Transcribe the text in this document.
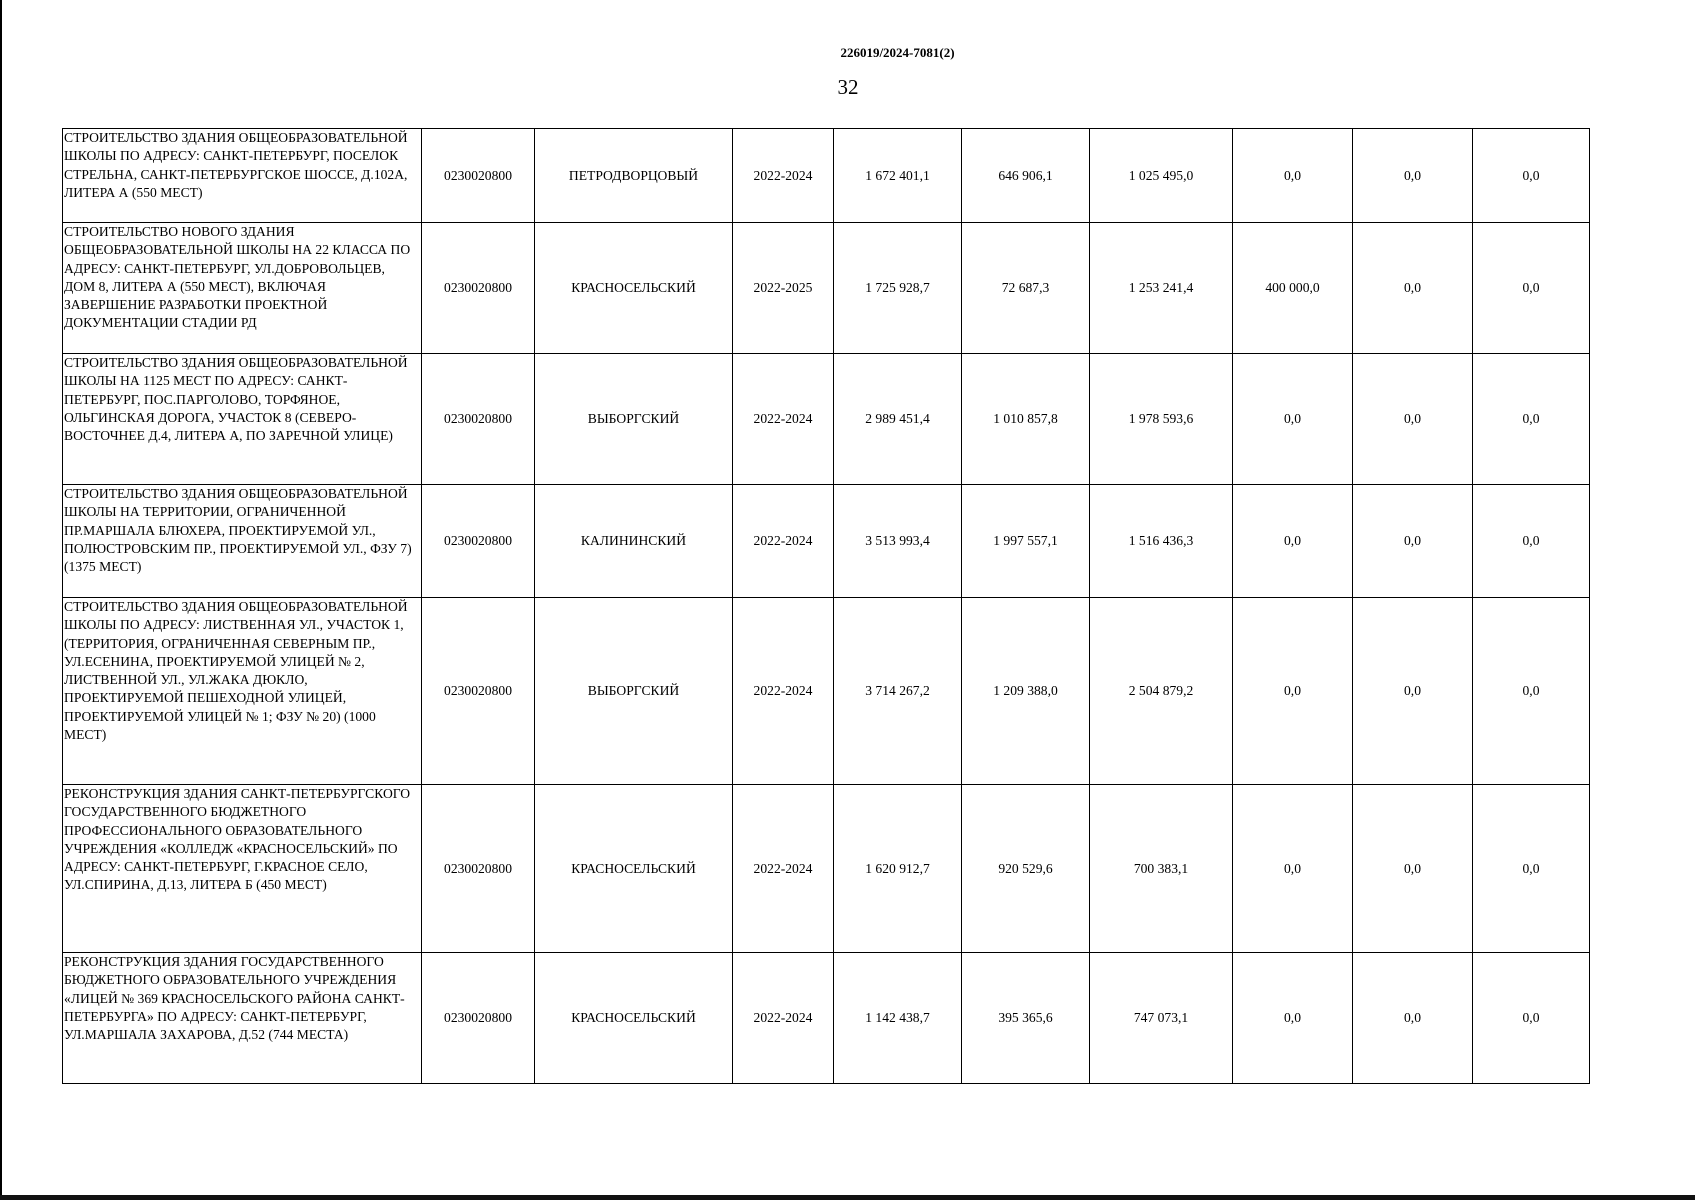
226019/2024-7081(2)
32
СТРОИТЕЛЬСТВО ЗДАНИЯ ОБЩЕОБРАЗОВАТЕЛЬНОЙ ШКОЛЫ ПО АДРЕСУ: САНКТ-ПЕТЕРБУРГ, ПОСЕЛОК СТРЕЛЬНА, САНКТ-ПЕТЕРБУРГСКОЕ ШОССЕ, Д.102А, ЛИТЕРА А (550 МЕСТ)	0230020800	ПЕТРОДВОРЦОВЫЙ	2022-2024	1 672 401,1	646 906,1	1 025 495,0	0,0	0,0	0,0
СТРОИТЕЛЬСТВО НОВОГО ЗДАНИЯ ОБЩЕОБРАЗОВАТЕЛЬНОЙ ШКОЛЫ НА 22 КЛАССА ПО АДРЕСУ: САНКТ-ПЕТЕРБУРГ, УЛ.ДОБРОВОЛЬЦЕВ, ДОМ 8, ЛИТЕРА А (550 МЕСТ), ВКЛЮЧАЯ ЗАВЕРШЕНИЕ РАЗРАБОТКИ ПРОЕКТНОЙ ДОКУМЕНТАЦИИ СТАДИИ РД	0230020800	КРАСНОСЕЛЬСКИЙ	2022-2025	1 725 928,7	72 687,3	1 253 241,4	400 000,0	0,0	0,0
СТРОИТЕЛЬСТВО ЗДАНИЯ ОБЩЕОБРАЗОВАТЕЛЬНОЙ ШКОЛЫ НА 1125 МЕСТ ПО АДРЕСУ: САНКТ-ПЕТЕРБУРГ, ПОС.ПАРГОЛОВО, ТОРФЯНОЕ, ОЛЬГИНСКАЯ ДОРОГА, УЧАСТОК 8 (СЕВЕРО-ВОСТОЧНЕЕ Д.4, ЛИТЕРА А, ПО ЗАРЕЧНОЙ УЛИЦЕ)	0230020800	ВЫБОРГСКИЙ	2022-2024	2 989 451,4	1 010 857,8	1 978 593,6	0,0	0,0	0,0
СТРОИТЕЛЬСТВО ЗДАНИЯ ОБЩЕОБРАЗОВАТЕЛЬНОЙ ШКОЛЫ НА ТЕРРИТОРИИ, ОГРАНИЧЕННОЙ ПР.МАРШАЛА БЛЮХЕРА, ПРОЕКТИРУЕМОЙ УЛ., ПОЛЮСТРОВСКИМ ПР., ПРОЕКТИРУЕМОЙ УЛ., ФЗУ 7) (1375 МЕСТ)	0230020800	КАЛИНИНСКИЙ	2022-2024	3 513 993,4	1 997 557,1	1 516 436,3	0,0	0,0	0,0
СТРОИТЕЛЬСТВО ЗДАНИЯ ОБЩЕОБРАЗОВАТЕЛЬНОЙ ШКОЛЫ ПО АДРЕСУ: ЛИСТВЕННАЯ УЛ., УЧАСТОК 1, (ТЕРРИТОРИЯ, ОГРАНИЧЕННАЯ СЕВЕРНЫМ ПР., УЛ.ЕСЕНИНА, ПРОЕКТИРУЕМОЙ УЛИЦЕЙ № 2, ЛИСТВЕННОЙ УЛ., УЛ.ЖАКА ДЮКЛО, ПРОЕКТИРУЕМОЙ ПЕШЕХОДНОЙ УЛИЦЕЙ, ПРОЕКТИРУЕМОЙ УЛИЦЕЙ № 1; ФЗУ № 20) (1000 МЕСТ)	0230020800	ВЫБОРГСКИЙ	2022-2024	3 714 267,2	1 209 388,0	2 504 879,2	0,0	0,0	0,0
РЕКОНСТРУКЦИЯ ЗДАНИЯ САНКТ-ПЕТЕРБУРГСКОГО ГОСУДАРСТВЕННОГО БЮДЖЕТНОГО ПРОФЕССИОНАЛЬНОГО ОБРАЗОВАТЕЛЬНОГО УЧРЕЖДЕНИЯ «КОЛЛЕДЖ «КРАСНОСЕЛЬСКИЙ» ПО АДРЕСУ: САНКТ-ПЕТЕРБУРГ, Г.КРАСНОЕ СЕЛО, УЛ.СПИРИНА, Д.13, ЛИТЕРА Б (450 МЕСТ)	0230020800	КРАСНОСЕЛЬСКИЙ	2022-2024	1 620 912,7	920 529,6	700 383,1	0,0	0,0	0,0
РЕКОНСТРУКЦИЯ ЗДАНИЯ ГОСУДАРСТВЕННОГО БЮДЖЕТНОГО ОБРАЗОВАТЕЛЬНОГО УЧРЕЖДЕНИЯ «ЛИЦЕЙ № 369 КРАСНОСЕЛЬСКОГО РАЙОНА САНКТ-ПЕТЕРБУРГА» ПО АДРЕСУ: САНКТ-ПЕТЕРБУРГ, УЛ.МАРШАЛА ЗАХАРОВА, Д.52 (744 МЕСТА)	0230020800	КРАСНОСЕЛЬСКИЙ	2022-2024	1 142 438,7	395 365,6	747 073,1	0,0	0,0	0,0
